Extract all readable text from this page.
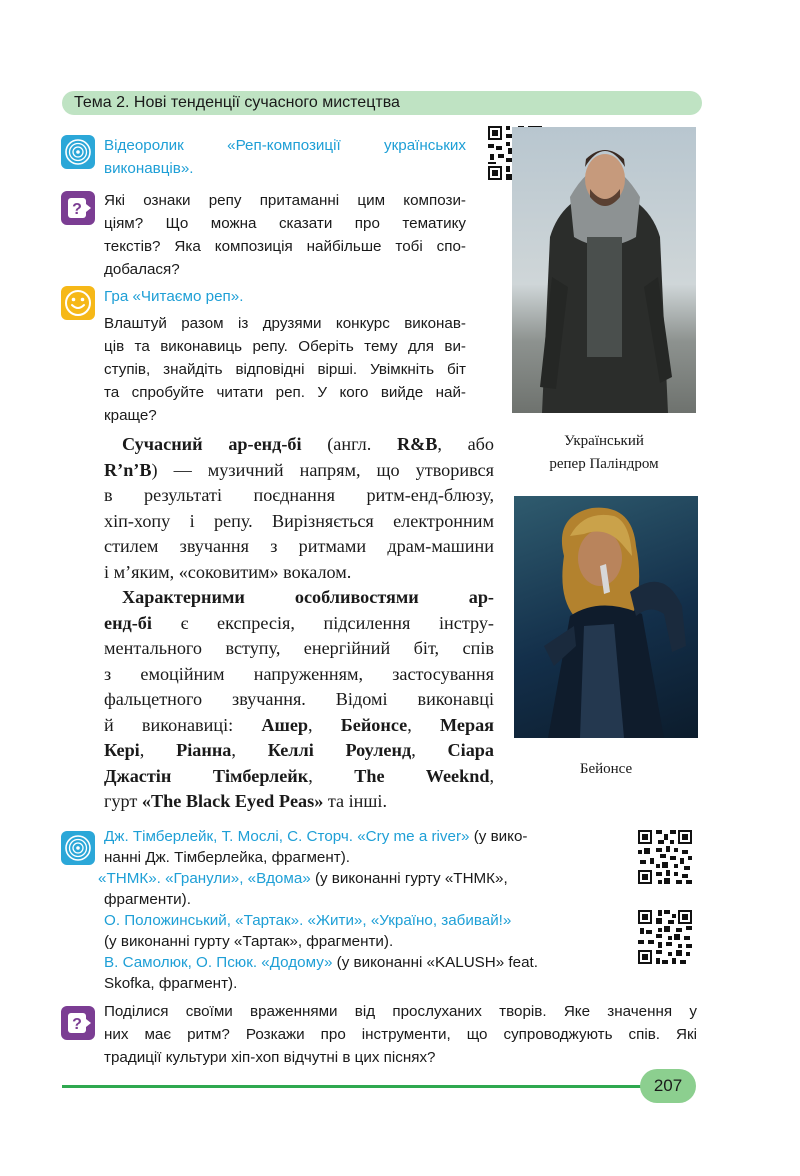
Тема 2. Нові тенденції сучасного мистецтва
Відеоролик «Реп-композиції українських
виконавців».
?
Які ознаки репу притаманні цим компози-
ціям? Що можна сказати про тематику
текстів? Яка композиція найбільше тобі спо-
добалася?
Гра «Читаємо реп».
Влаштуй разом із друзями конкурс виконав-
ців та виконавиць репу. Оберіть тему для ви-
ступів, знайдіть відповідні вірші. Увімкніть біт
та спробуйте читати реп. У кого вийде най-
краще?
Український
репер Паліндром
Сучасний ар-енд-бі (англ. R&B, або
R’n’B) — музичний напрям, що утворився
в результаті поєднання ритм-енд-блюзу,
хіп-хопу і репу. Вирізняється електронним
стилем звучання з ритмами драм-машини
і м’яким, «соковитим» вокалом.
Бейонсе
Характерними особливостями ар-
енд-бі є експресія, підсилення інстру-
ментального вступу, енергійний біт, спів
з емоційним напруженням, застосування
фальцетного звучання. Відомі виконавці
й виконавиці: Ашер, Бейонсе, Мерая
Кері, Ріанна, Келлі Роуленд, Сіара
Джастін Тімберлейк, The Weeknd,
гурт «The Black Eyed Peas» та інші.
Дж. Тімберлейк, Т. Мослі, С. Сторч. «Cry me a river» (у вико-
нанні Дж. Тімберлейка, фрагмент).
«ТНМК». «Гранули», «Вдома» (у виконанні гурту «ТНМК»,
фрагменти).
О. Положинський, «Тартак». «Жити», «Україно, забивай!»
(у виконанні гурту «Тартак», фрагменти).
В. Самолюк, О. Псюк. «Додому» (у виконанні «KALUSH» feat.
Skofka, фрагмент).
?
Поділися своїми враженнями від прослуханих творів. Яке значення у
них має ритм? Розкажи про інструменти, що супроводжують спів. Які
традиції культури хіп-хоп відчутні в цих піснях?
207
